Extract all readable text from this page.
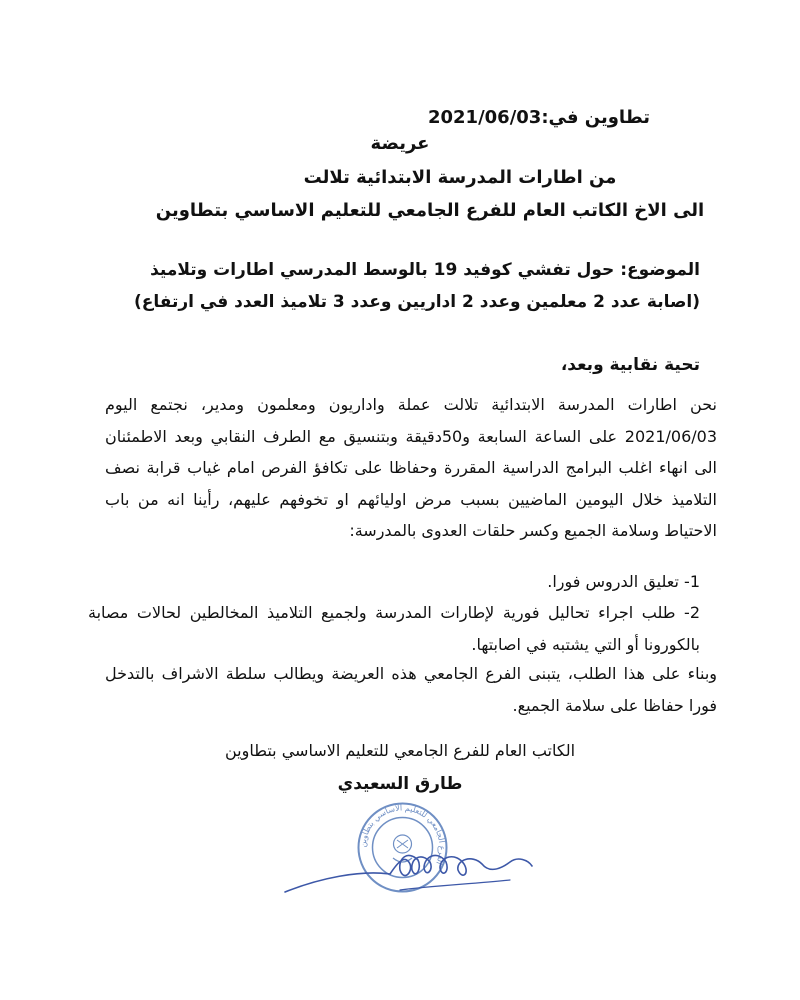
تطاوين في:2021/06/03
عريضة
من اطارات المدرسة الابتدائية تلالت
الى الاخ الكاتب العام للفرع الجامعي للتعليم الاساسي بتطاوين
الموضوع: حول تفشي كوفيد 19 بالوسط المدرسي اطارات وتلاميذ
(اصابة عدد 2 معلمين وعدد 2 اداريين وعدد 3 تلاميذ العدد في ارتفاع)
تحية نقابية وبعد،
نحن اطارات المدرسة الابتدائية تلالت عملة واداريون ومعلمون ومدير، نجتمع اليوم 2021/06/03 على الساعة السابعة و50دقيقة وبتنسيق مع الطرف النقابي وبعد الاطمئنان الى انهاء اغلب البرامج الدراسية المقررة وحفاظا على تكافؤ الفرص امام غياب قرابة نصف التلاميذ خلال اليومين الماضيين بسبب مرض اوليائهم او تخوفهم عليهم، رأينا انه من باب الاحتياط وسلامة الجميع وكسر حلقات العدوى بالمدرسة:
1- تعليق الدروس فورا.
2- طلب اجراء تحاليل فورية لإطارات المدرسة ولجميع التلاميذ المخالطين لحالات مصابة بالكورونا أو التي يشتبه في اصابتها.
وبناء على هذا الطلب، يتبنى الفرع الجامعي هذه العريضة ويطالب سلطة الاشراف بالتدخل فورا حفاظا على سلامة الجميع.
الكاتب العام للفرع الجامعي للتعليم الاساسي بتطاوين
طارق السعيدي
الفرع الجامعي للتعليم الأساسي بتطاوين
